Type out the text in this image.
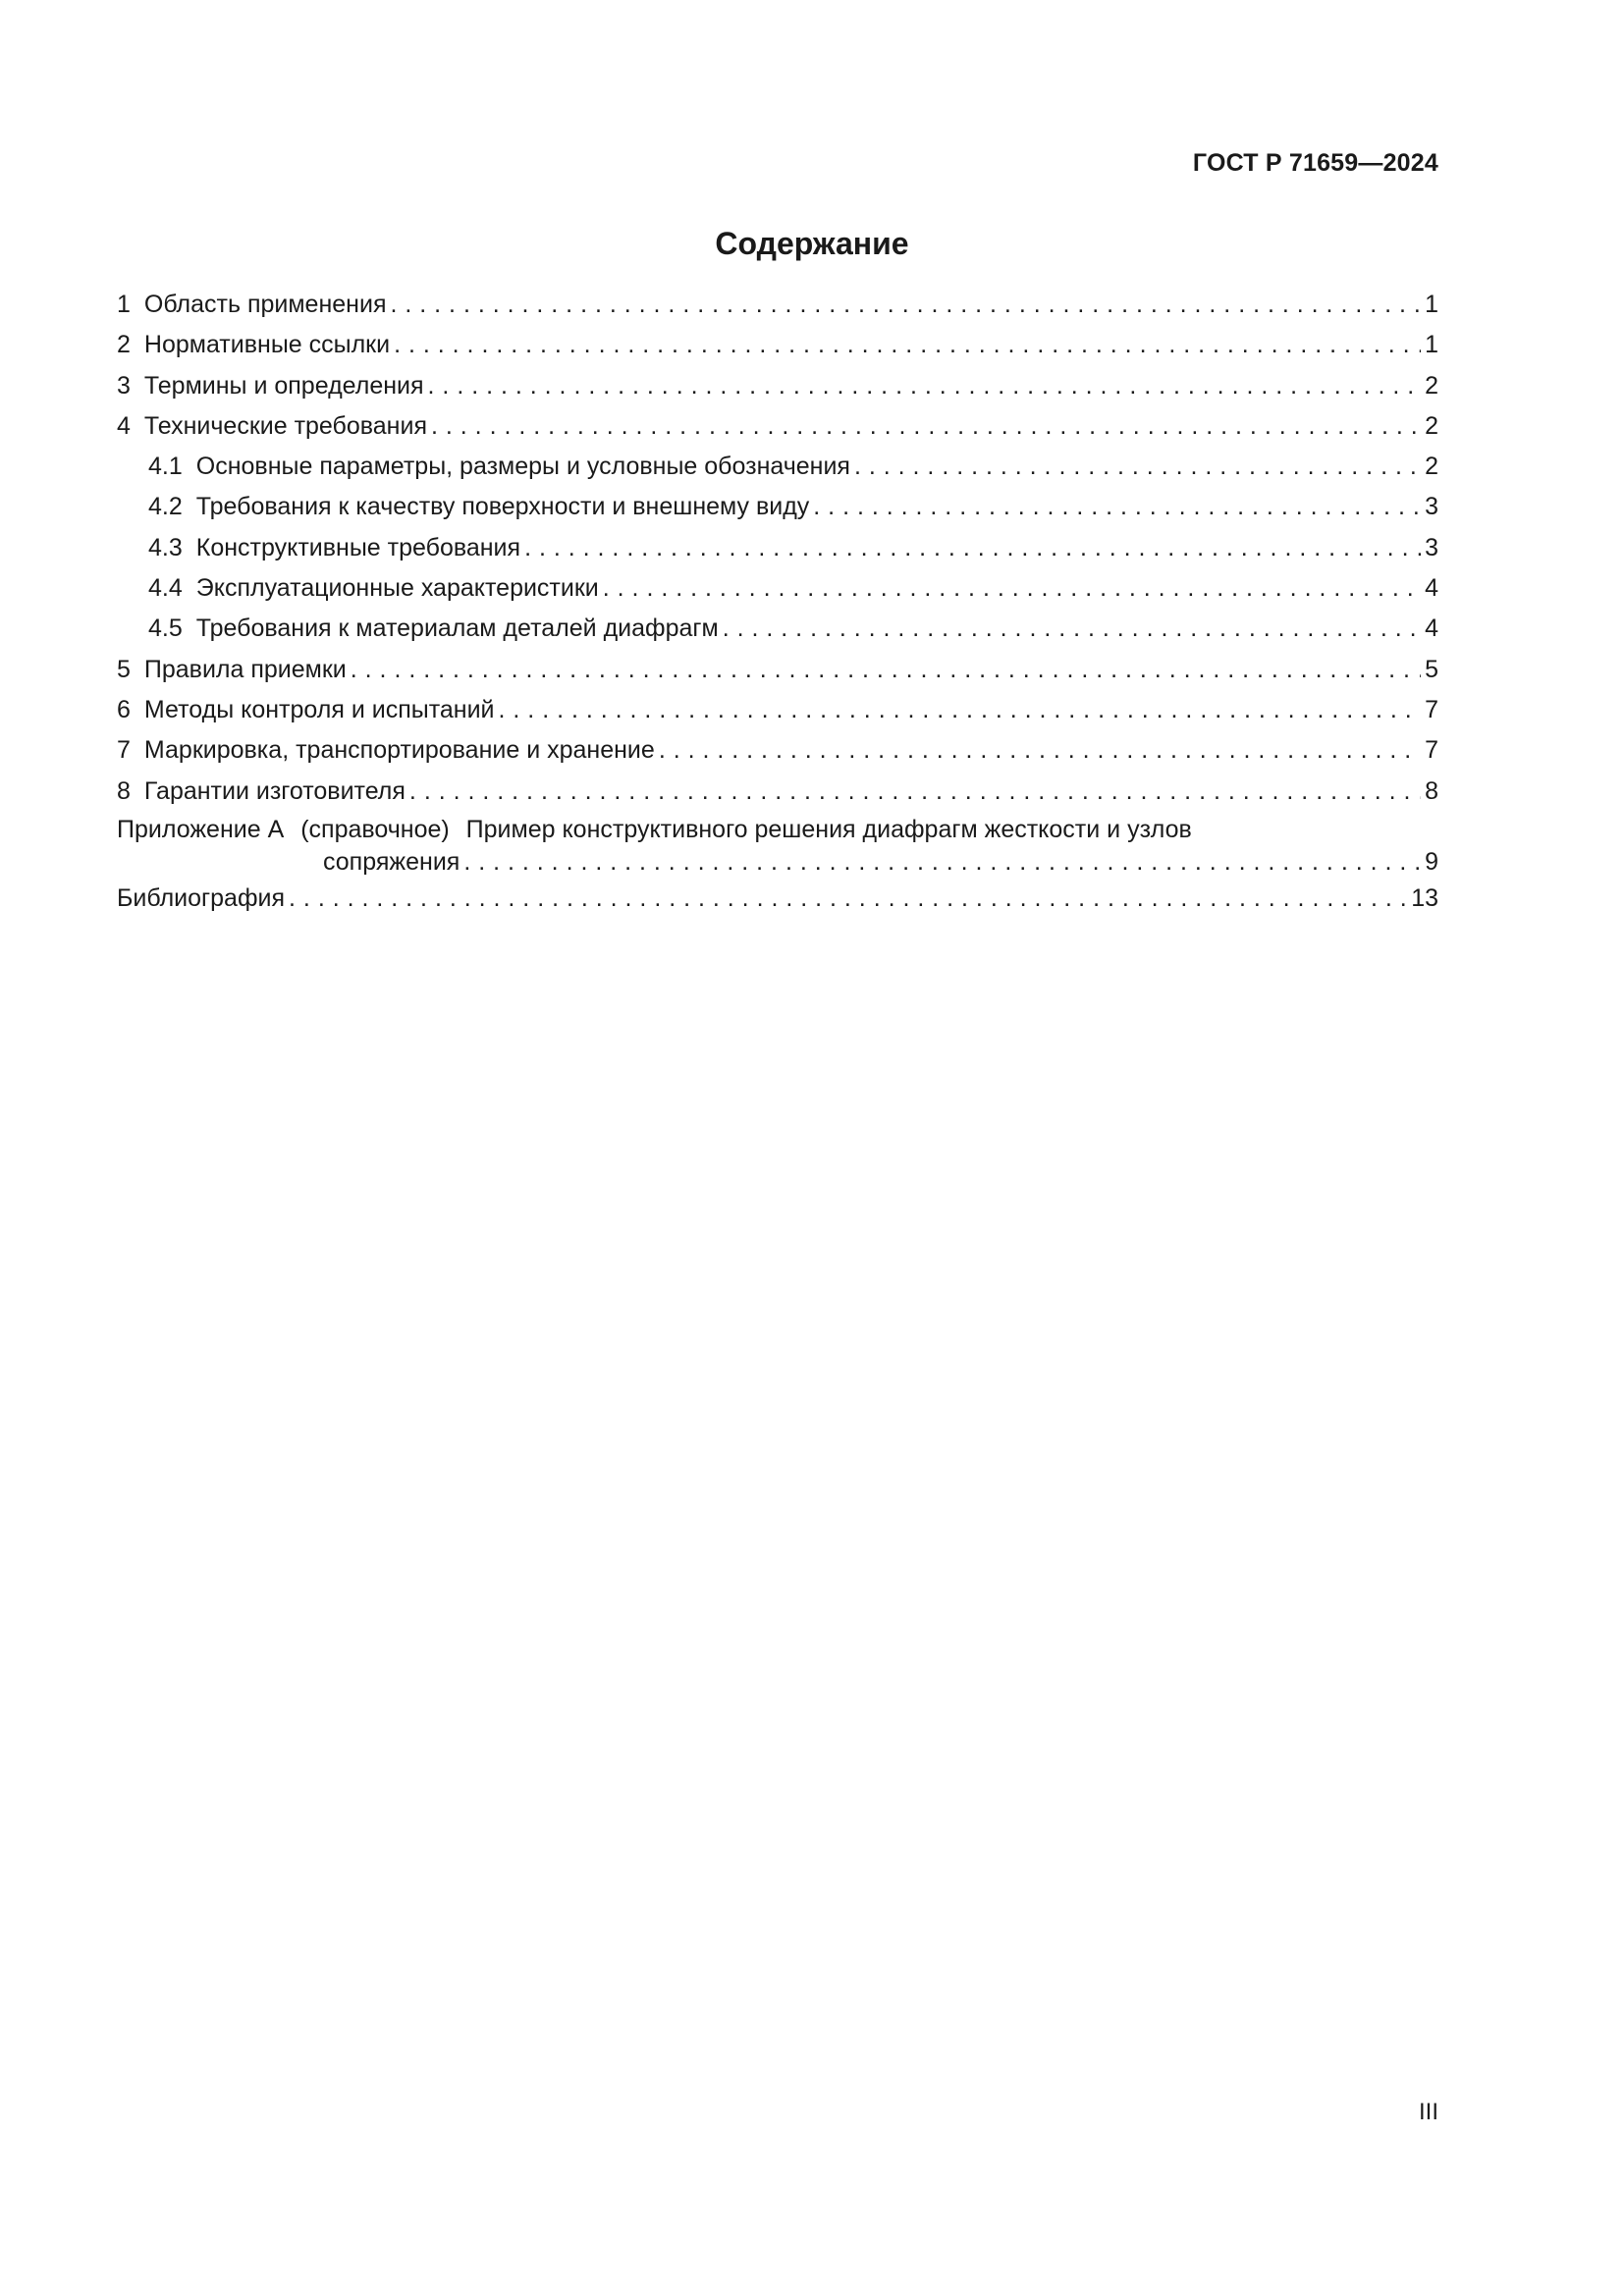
ГОСТ Р 71659—2024
Содержание
1 Область применения . . .	1
2 Нормативные ссылки . . .	1
3 Термины и определения . . .	2
4 Технические требования . . .	2
4.1 Основные параметры, размеры и условные обозначения . . .	2
4.2 Требования к качеству поверхности и внешнему виду . . .	3
4.3 Конструктивные требования . . .	3
4.4 Эксплуатационные характеристики . . .	4
4.5 Требования к материалам деталей диафрагм . . .	4
5 Правила приемки . . .	5
6 Методы контроля и испытаний . . .	7
7 Маркировка, транспортирование и хранение . . .	7
8 Гарантии изготовителя . . .	8
Приложение А (справочное) Пример конструктивного решения диафрагм жесткости и узлов
сопряжения . . .	9
Библиография . . .	13
III
